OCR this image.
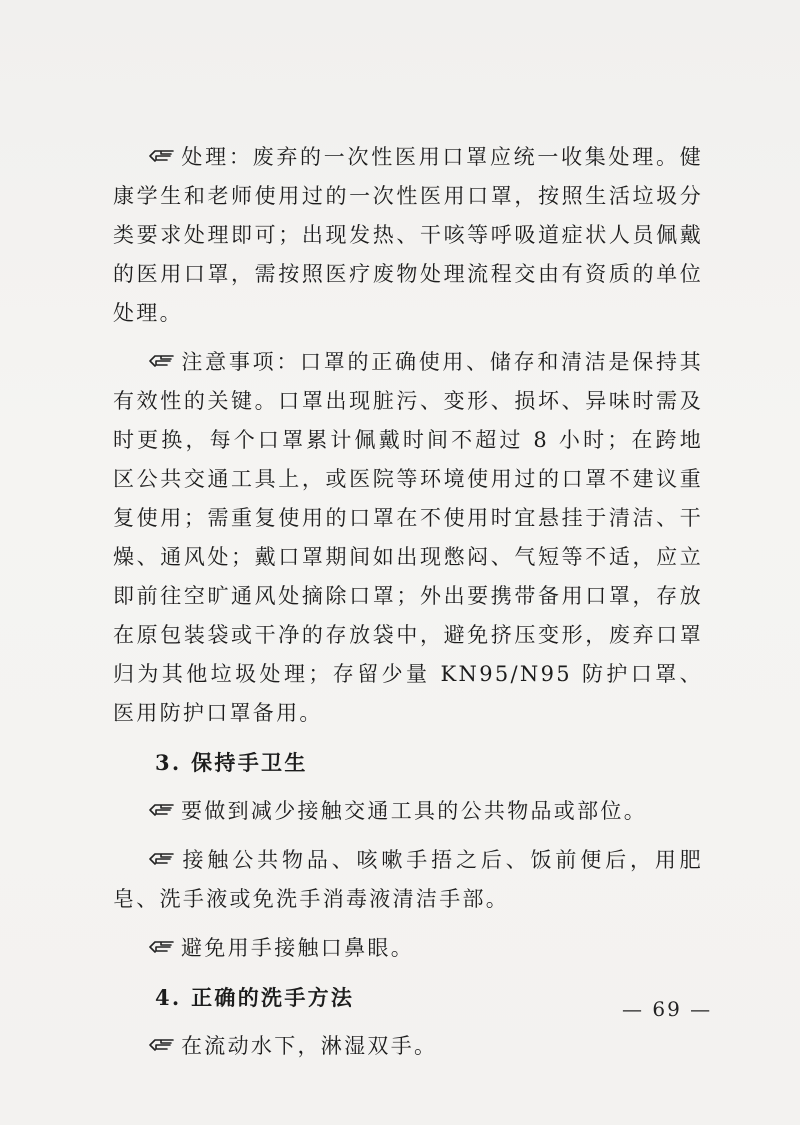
处理：废弃的一次性医用口罩应统一收集处理。健康学生和老师使用过的一次性医用口罩，按照生活垃圾分类要求处理即可；出现发热、干咳等呼吸道症状人员佩戴的医用口罩，需按照医疗废物处理流程交由有资质的单位处理。

注意事项：口罩的正确使用、储存和清洁是保持其有效性的关键。口罩出现脏污、变形、损坏、异味时需及时更换，每个口罩累计佩戴时间不超过 8 小时；在跨地区公共交通工具上，或医院等环境使用过的口罩不建议重复使用；需重复使用的口罩在不使用时宜悬挂于清洁、干燥、通风处；戴口罩期间如出现憋闷、气短等不适，应立即前往空旷通风处摘除口罩；外出要携带备用口罩，存放在原包装袋或干净的存放袋中，避免挤压变形，废弃口罩归为其他垃圾处理；存留少量 KN95/N95 防护口罩、医用防护口罩备用。

3. 保持手卫生

要做到减少接触交通工具的公共物品或部位。

接触公共物品、咳嗽手捂之后、饭前便后，用肥皂、洗手液或免洗手消毒液清洁手部。

避免用手接触口鼻眼。

4. 正确的洗手方法

在流动水下，淋湿双手。

— 69 —
